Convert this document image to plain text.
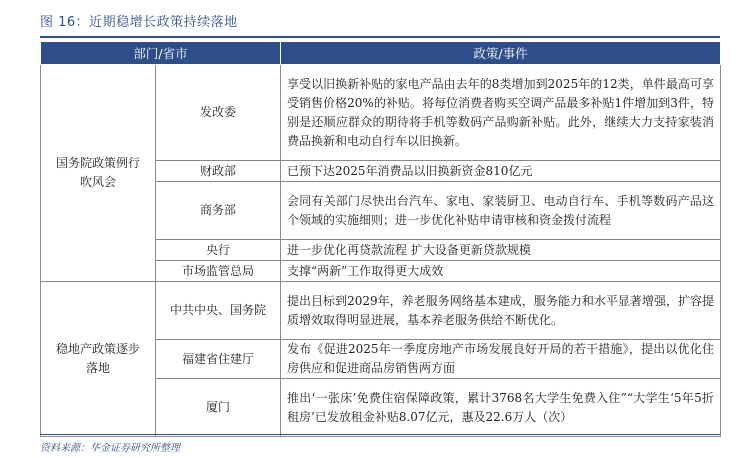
图 16：近期稳增长政策持续落地
部门/省市		政策/事件
国务院政策例行吹风会	发改委	享受以旧换新补贴的家电产品由去年的8类增加到2025年的12类，单件最高可享受销售价格20%的补贴。将每位消费者购买空调产品最多补贴1件增加到3件，特别是还顺应群众的期待将手机等数码产品购新补贴。此外，继续大力支持家装消费品换新和电动自行车以旧换新。
	财政部	已预下达2025年消费品以旧换新资金810亿元
	商务部	会同有关部门尽快出台汽车、家电、家装厨卫、电动自行车、手机等数码产品这个领域的实施细则；进一步优化补贴申请审核和资金拨付流程
	央行	进一步优化再贷款流程 扩大设备更新贷款规模
	市场监管总局	支撑“两新”工作取得更大成效
稳地产政策逐步落地	中共中央、国务院	提出目标到2029年，养老服务网络基本建成，服务能力和水平显著增强，扩容提质增效取得明显进展，基本养老服务供给不断优化。
	福建省住建厅	发布《促进2025年一季度房地产市场发展良好开局的若干措施》，提出以优化住房供应和促进商品房销售两方面
	厦门	推出‘一张床’免费住宿保障政策，累计3768名大学生免费入住”“大学生‘5年5折租房’已发放租金补贴8.07亿元，惠及22.6万人（次）
资料来源：华金证券研究所整理
